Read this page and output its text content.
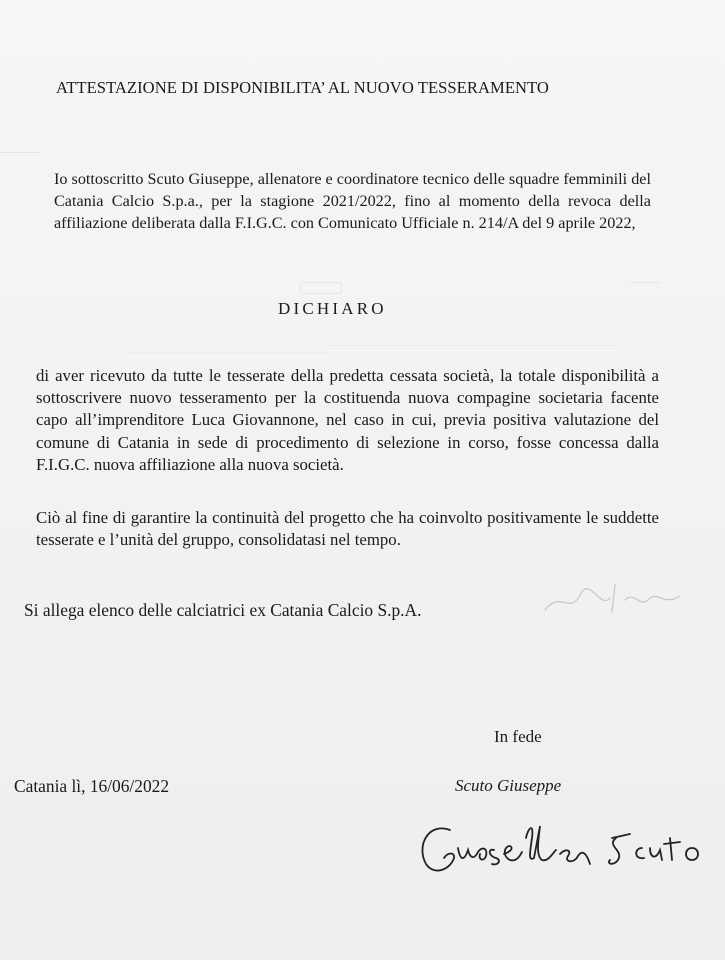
ATTESTAZIONE DI DISPONIBILITA’ AL NUOVO TESSERAMENTO
Io sottoscritto Scuto Giuseppe, allenatore e coordinatore tecnico delle squadre femminili del Catania Calcio S.p.a., per la stagione 2021/2022, fino al momento della revoca della affiliazione deliberata dalla F.I.G.C. con Comunicato Ufficiale n. 214/A del 9 aprile 2022,
DICHIARO
di aver ricevuto da tutte le tesserate della predetta cessata società, la totale disponibilità a sottoscrivere nuovo tesseramento per la costituenda nuova compagine societaria facente capo all’imprenditore Luca Giovannone, nel caso in cui, previa positiva valutazione del comune di Catania in sede di procedimento di selezione in corso, fosse concessa dalla F.I.G.C. nuova affiliazione alla nuova società.
Ciò al fine di garantire la continuità del progetto che ha coinvolto positivamente le suddette tesserate e l’unità del gruppo, consolidatasi nel tempo.
Si allega elenco delle calciatrici ex Catania Calcio S.p.A.
In fede
Catania lì, 16/06/2022	Scuto Giuseppe
